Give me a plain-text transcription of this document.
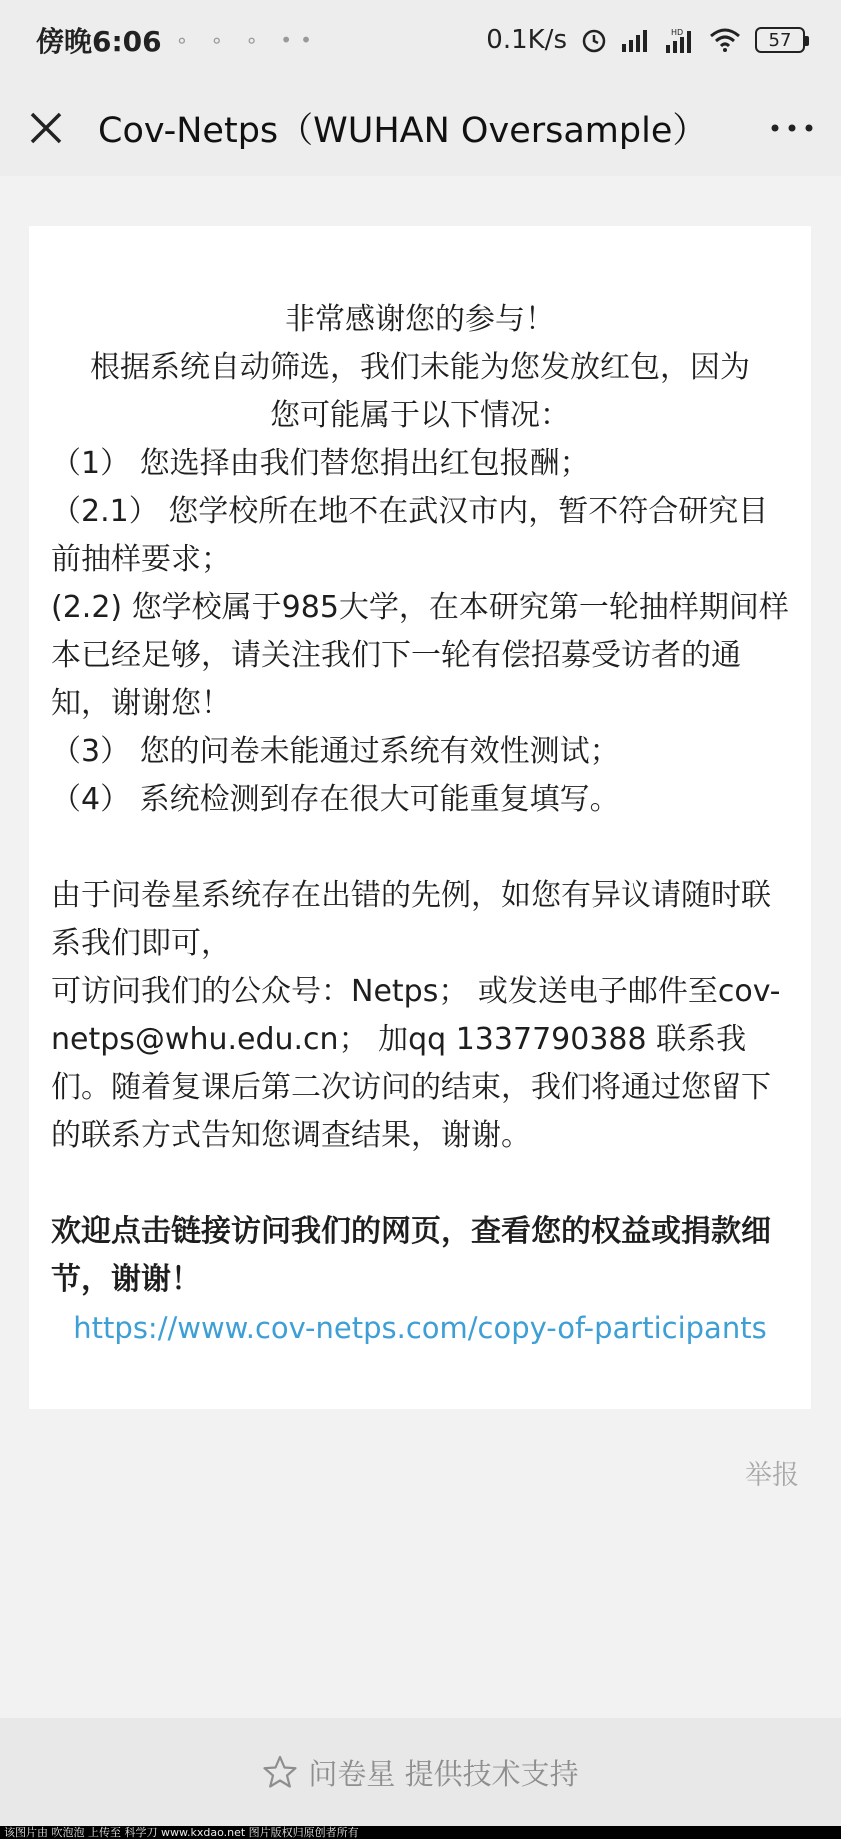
傍晚6:06 ∘ ∘ ∘ ••	0.1K/s	HD	57
Cov-Netps（WUHAN Oversample）

非常感谢您的参与！

根据系统自动筛选，我们未能为您发放红包，因为

您可能属于以下情况：

（1） 您选择由我们替您捐出红包报酬；

（2.1） 您学校所在地不在武汉市内，暂不符合研究目前抽样要求；

(2.2) 您学校属于985大学，在本研究第一轮抽样期间样本已经足够，请关注我们下一轮有偿招募受访者的通知，谢谢您！

（3） 您的问卷未能通过系统有效性测试；

（4） 系统检测到存在很大可能重复填写。

由于问卷星系统存在出错的先例，如您有异议请随时联系我们即可，

可访问我们的公众号：Netps； 或发送电子邮件至cov-netps@whu.edu.cn； 加qq 1337790388 联系我们。随着复课后第二次访问的结束，我们将通过您留下的联系方式告知您调查结果，谢谢。

欢迎点击链接访问我们的网页，查看您的权益或捐款细节，谢谢！

https://www.cov-netps.com/copy-of-participants
举报
问卷星 提供技术支持
该图片由 吹泡泡 上传至 科学刀 www.kxdao.net 图片版权归原创者所有
